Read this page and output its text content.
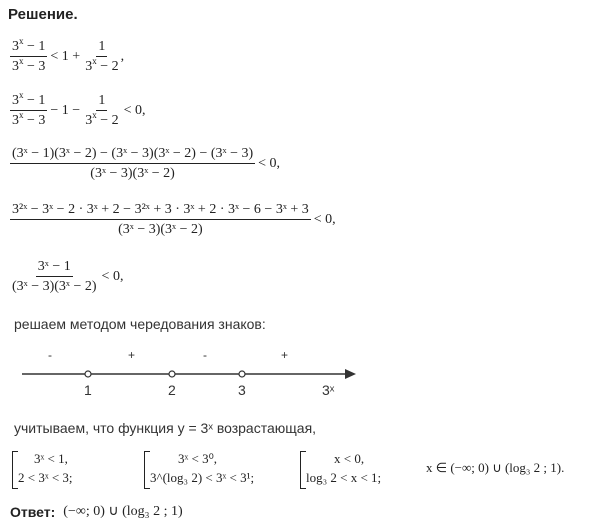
Решение.
$\frac{3^x - 1}{3^x - 3} < 1 + \frac{1}{3^x - 2}$ ,
$\frac{3^x - 1}{3^x - 3} - 1 - \frac{1}{3^x - 2} < 0$,
$\frac{\text{(3ˣ − 1)(3ˣ − 2) − (3ˣ − 3)(3ˣ − 2) − (3ˣ − 3)}}{\text{(3ˣ − 3)(3ˣ − 2)}} < 0$,
$\frac{\text{3²ˣ − 3ˣ − 2 · 3ˣ + 2 − 3²ˣ + 3 · 3ˣ + 2 · 3ˣ − 6 − 3ˣ + 3}}{\text{(3ˣ − 3)(3ˣ − 2)}} < 0$,
$\frac{\text{3ˣ − 1}}{\text{(3ˣ − 3)(3ˣ − 2)}} < 0$,
решаем методом чередования знаков:
-	+	-	+
1	2	3	3ˣ
учитываем, что функция y = 3ˣ возрастающая,
3ˣ < 1,
2 < 3ˣ < 3;
3ˣ < 3⁰,
3^(log₃ 2) < 3ˣ < 3¹;
x < 0,
log₃ 2 < x < 1;
x ∈ (−∞; 0) ∪ (log₃ 2 ; 1).
Ответ: (−∞; 0) ∪ (log₃ 2 ; 1)
